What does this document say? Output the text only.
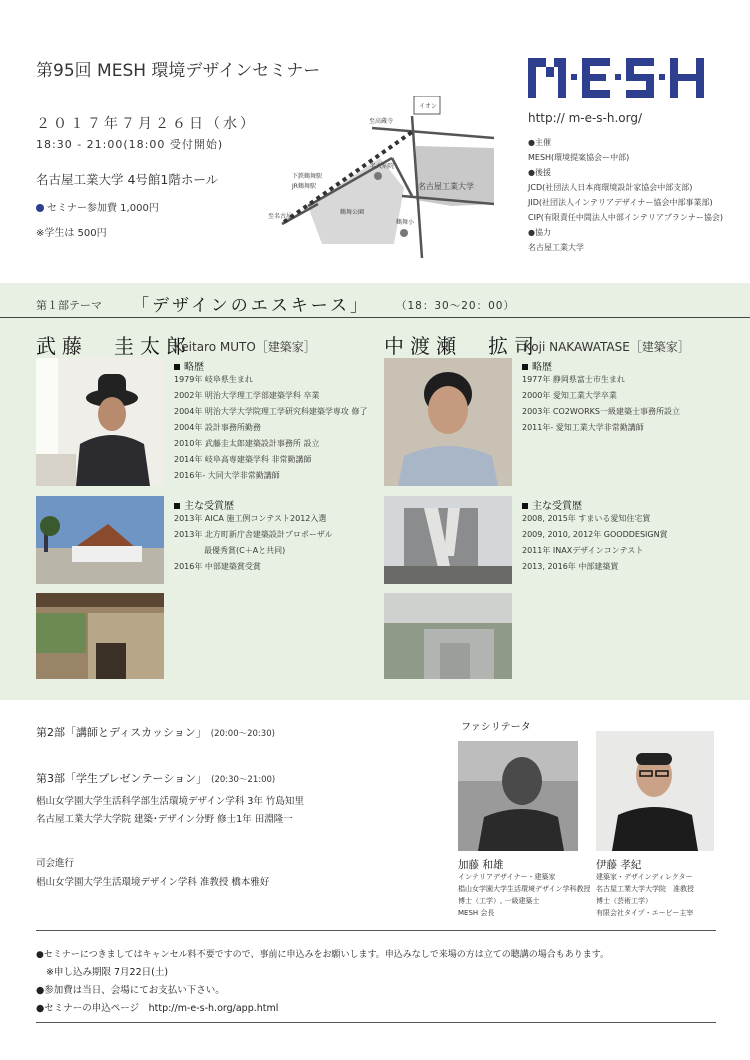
第95回 MESH 環境デザインセミナー
２０１７年７月２６日（水）
18:30 - 21:00(18:00 受付開始)
名古屋工業大学 4号館1階ホール
セミナー参加費 1,000円
※学生は 500円
http:// m-e-s-h.org/
●主催
MESH(環境提案協会ー中部)
●後援
JCD(社団法人日本商環境設計家協会中部支部)
JID(社団法人インテリアデザイナー協会中部事業部)
CIP(有限責任中間法人中部インテリアプランナー協会)
●協力
名古屋工業大学
イオン
至高蔵寺
名大病院
下鉄鶴舞駅
JR鶴舞駅	名古屋工業大学
鶴舞公園
至名古屋
鶴舞小
第１部テーマ 「デザインのエスキース」 （18：30〜20：00）
武藤　圭太郎
Keitaro MUTO［建築家］
略歴
1979年 岐阜県生まれ
2002年 明治大学理工学部建築学科 卒業
2004年 明治大学大学院理工学研究科建築学専攻 修了
2004年 設計事務所勤務
2010年 武藤圭太郎建築設計事務所 設立
2014年 岐阜高専建築学科 非常勤講師
2016年- 大同大学非常勤講師
主な受賞歴
2013年 AICA 施工例コンテスト2012入選
2013年 北方町新庁舎建築設計プロポーザル
最優秀賞(C＋Aと共同)
2016年 中部建築賞受賞
中渡瀬　拡司
Koji NAKAWATASE［建築家］
略歴
1977年 静岡県富士市生まれ
2000年 愛知工業大学卒業
2003年 CO2WORKS一級建築士事務所設立
2011年- 愛知工業大学非常勤講師
主な受賞歴
2008, 2015年 すまいる愛知住宅賞
2009, 2010, 2012年 GOODDESIGN賞
2011年 INAXデザインコンテスト
2013, 2016年 中部建築賞
第2部「講師とディスカッション」 (20:00〜20:30)
第3部「学生プレゼンテーション」 (20:30〜21:00)
椙山女学園大学生活科学部生活環境デザイン学科 3年 竹島知里
名古屋工業大学大学院 建築･デザイン分野 修士1年 田淵隆一
司会進行
椙山女学園大学生活環境デザイン学科 准教授 橋本雅好
ファシリテータ
加藤 和雄
インテリアデザイナー・建築家
椙山女学園大学生活環境デザイン学科教授
博士（工学）, 一級建築士
MESH 会長
伊藤 孝紀
建築家・デザインディレクター
名古屋工業大学大学院　准教授
博士（芸術工学）
有限会社タイプ・エービー主宰
●セミナーにつきましてはキャンセル料不要ですので、事前に申込みをお願いします。申込みなしで来場の方は立ての聴講の場合もあります。
※申し込み期限 7月22日(土)
●参加費は当日、会場にてお支払い下さい。
●セミナーの申込ページ　http://m-e-s-h.org/app.html
